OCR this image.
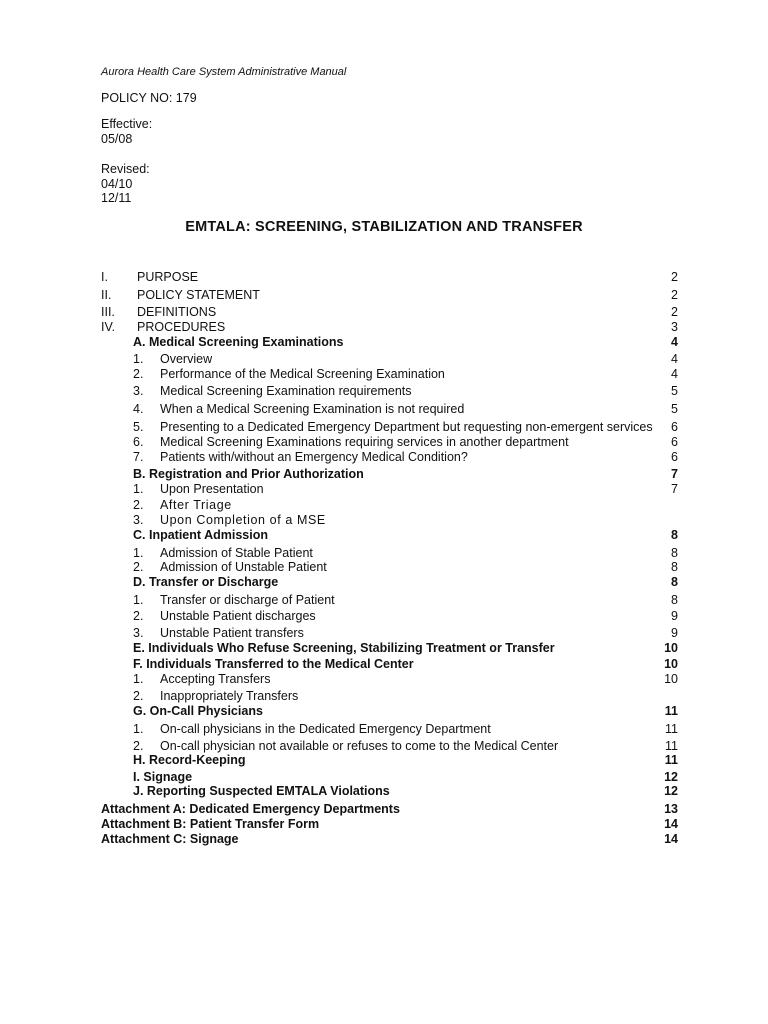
Aurora Health Care System Administrative Manual
POLICY NO: 179
Effective:
05/08
Revised:
04/10
12/11
EMTALA: SCREENING, STABILIZATION AND TRANSFER
I. PURPOSE	2
II. POLICY STATEMENT	2
III. DEFINITIONS	2
IV. PROCEDURES	3
A. Medical Screening Examinations	4
1. Overview	4
2. Performance of the Medical Screening Examination	4
3. Medical Screening Examination requirements	5
4. When a Medical Screening Examination is not required	5
5. Presenting to a Dedicated Emergency Department but requesting non-emergent services 6
6. Medical Screening Examinations requiring services in another department	6
7. Patients with/without an Emergency Medical Condition?	6
B. Registration and Prior Authorization	7
1. Upon Presentation	7
2. After Triage
3. Upon Completion of a MSE
C. Inpatient Admission	8
1. Admission of Stable Patient	8
2. Admission of Unstable Patient	8
D. Transfer or Discharge	8
1. Transfer or discharge of Patient	8
2. Unstable Patient discharges	9
3. Unstable Patient transfers	9
E. Individuals Who Refuse Screening, Stabilizing Treatment or Transfer	10
F. Individuals Transferred to the Medical Center	10
1. Accepting Transfers	10
2. Inappropriately Transfers
G. On-Call Physicians	11
1. On-call physicians in the Dedicated Emergency Department	11
2. On-call physician not available or refuses to come to the Medical Center	11
H. Record-Keeping	11
I. Signage	12
J. Reporting Suspected EMTALA Violations	12
Attachment A: Dedicated Emergency Departments	13
Attachment B: Patient Transfer Form	14
Attachment C: Signage	14
